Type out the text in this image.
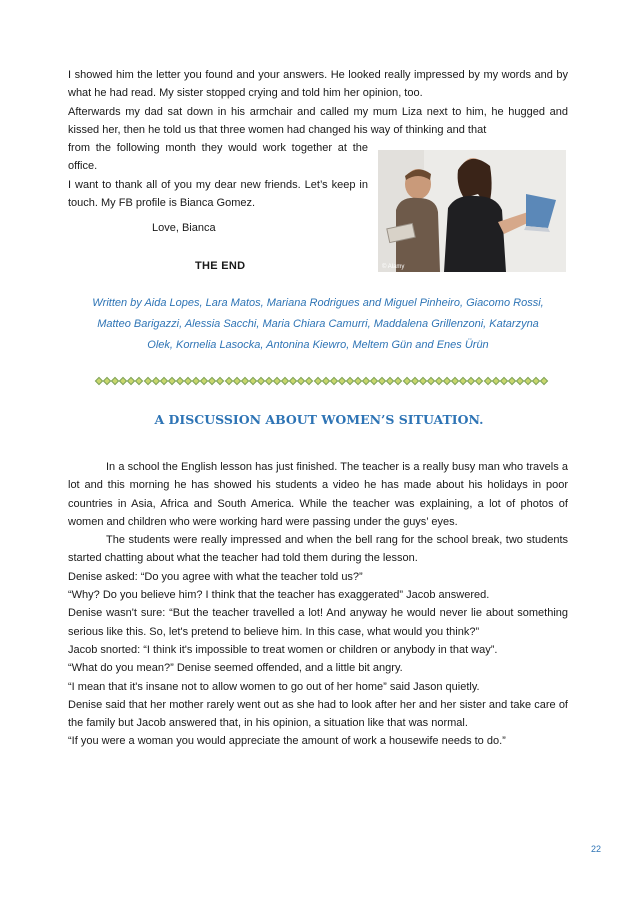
I showed him the letter you found and your answers. He looked really impressed by my words and by what he had read. My sister stopped crying and told him her opinion, too.

Afterwards my dad sat down in his armchair and called my mum Liza next to him, he hugged and kissed her, then he told us that three women had changed his way of thinking and that

from the following month they would work together at the office.

I want to thank all of you my dear new friends. Let’s keep in touch. My FB profile is Bianca Gomez.

Love, Bianca
THE END	© Alamy

Written by Aida Lopes, Lara Matos, Mariana Rodrigues and Miguel Pinheiro, Giacomo Rossi,

Matteo Barigazzi, Alessia Sacchi, Maria Chiara Camurri, Maddalena Grillenzoni, Katarzyna

Olek, Kornelia Lasocka, Antonina Kiewro, Meltem Gün and Enes Ürün

A DISCUSSION ABOUT WOMEN’S SITUATION.

In a school the English lesson has just finished. The teacher is a really busy man who travels a lot and this morning he has showed his students a video he has made about his holidays in poor countries in Asia, Africa and South America. While the teacher was explaining, a lot of photos of women and children who were working hard were passing under the guys’ eyes.

The students were really impressed and when the bell rang for the school break, two students started chatting about what the teacher had told them during the lesson.

Denise asked: “Do you agree with what the teacher told us?”

“Why? Do you believe him? I think that the teacher has exaggerated” Jacob answered.

Denise wasn't sure: “But the teacher travelled a lot! And anyway he would never lie about something serious like this. So, let's pretend to believe him. In this case, what would you think?”

Jacob snorted: “I think it's impossible to treat women or children or anybody in that way”.

“What do you mean?” Denise seemed offended, and a little bit angry.

“I mean that it's insane not to allow women to go out of her home” said Jason quietly.

Denise said that her mother rarely went out as she had to look after her and her sister and take care of the family but Jacob answered that, in his opinion, a situation like that was normal.

“If you were a woman you would appreciate the amount of work a housewife needs to do.”

22
